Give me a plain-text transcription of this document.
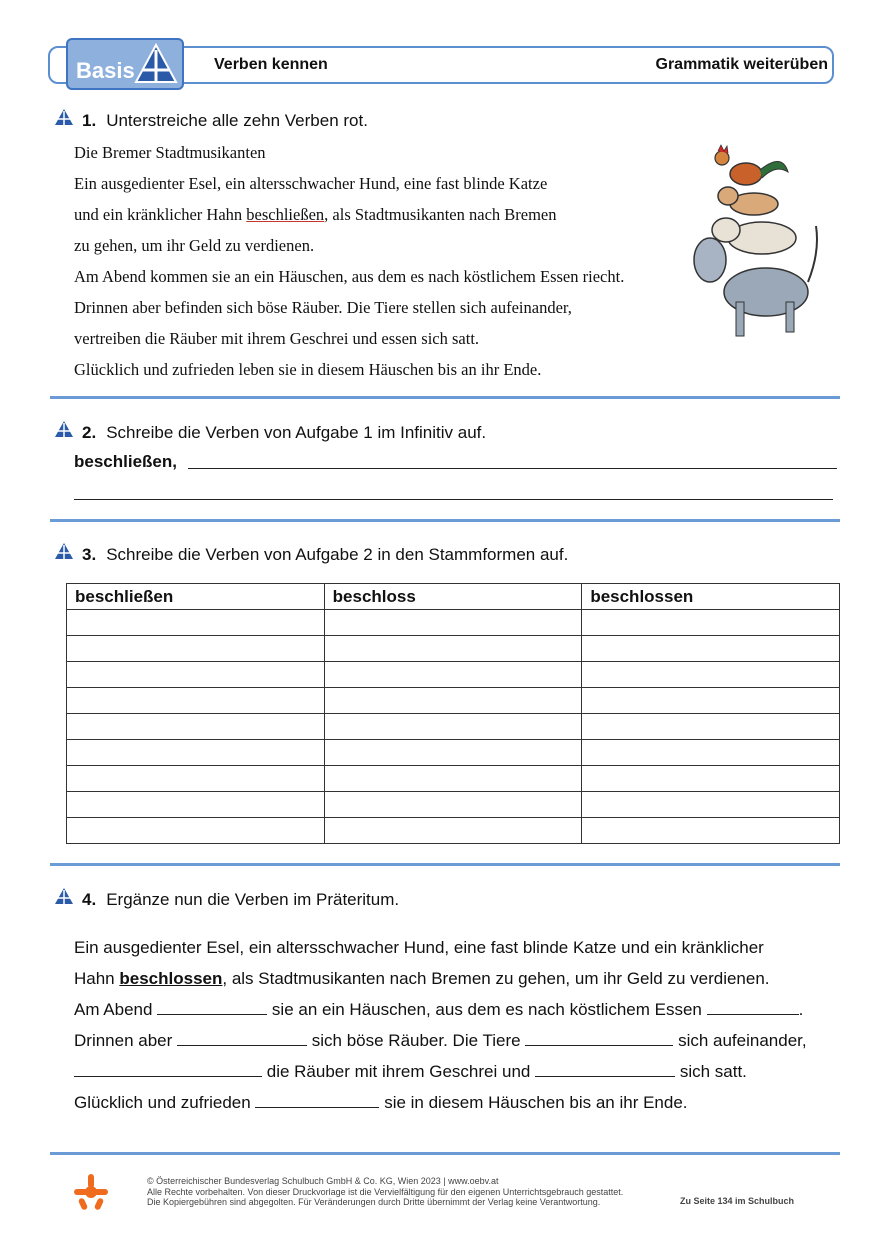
Basis	Verben kennen	Grammatik weiterüben
1. Unterstreiche alle zehn Verben rot.
Die Bremer Stadtmusikanten
Ein ausgedienter Esel, ein altersschwacher Hund, eine fast blinde Katze
und ein kränklicher Hahn beschließen, als Stadtmusikanten nach Bremen
zu gehen, um ihr Geld zu verdienen.
Am Abend kommen sie an ein Häuschen, aus dem es nach köstlichem Essen riecht.
Drinnen aber befinden sich böse Räuber. Die Tiere stellen sich aufeinander,
vertreiben die Räuber mit ihrem Geschrei und essen sich satt.
Glücklich und zufrieden leben sie in diesem Häuschen bis an ihr Ende.
2. Schreibe die Verben von Aufgabe 1 im Infinitiv auf.
beschließen,
3. Schreibe die Verben von Aufgabe 2 in den Stammformen auf.
beschließen	beschloss	beschlossen

4. Ergänze nun die Verben im Präteritum.
Ein ausgedienter Esel, ein altersschwacher Hund, eine fast blinde Katze und ein kränklicher
Hahn beschlossen, als Stadtmusikanten nach Bremen zu gehen, um ihr Geld zu verdienen.
Am Abend	sie an ein Häuschen, aus dem es nach köstlichem Essen	.
Drinnen aber	sich böse Räuber. Die Tiere	sich aufeinander,
die Räuber mit ihrem Geschrei und	sich satt.
Glücklich und zufrieden	sie in diesem Häuschen bis an ihr Ende.
© Österreichischer Bundesverlag Schulbuch GmbH & Co. KG, Wien 2023 | www.oebv.at
Alle Rechte vorbehalten. Von dieser Druckvorlage ist die Vervielfältigung für den eigenen Unterrichtsgebrauch gestattet.
Die Kopiergebühren sind abgegolten. Für Veränderungen durch Dritte übernimmt der Verlag keine Verantwortung.	Zu Seite 134 im Schulbuch
